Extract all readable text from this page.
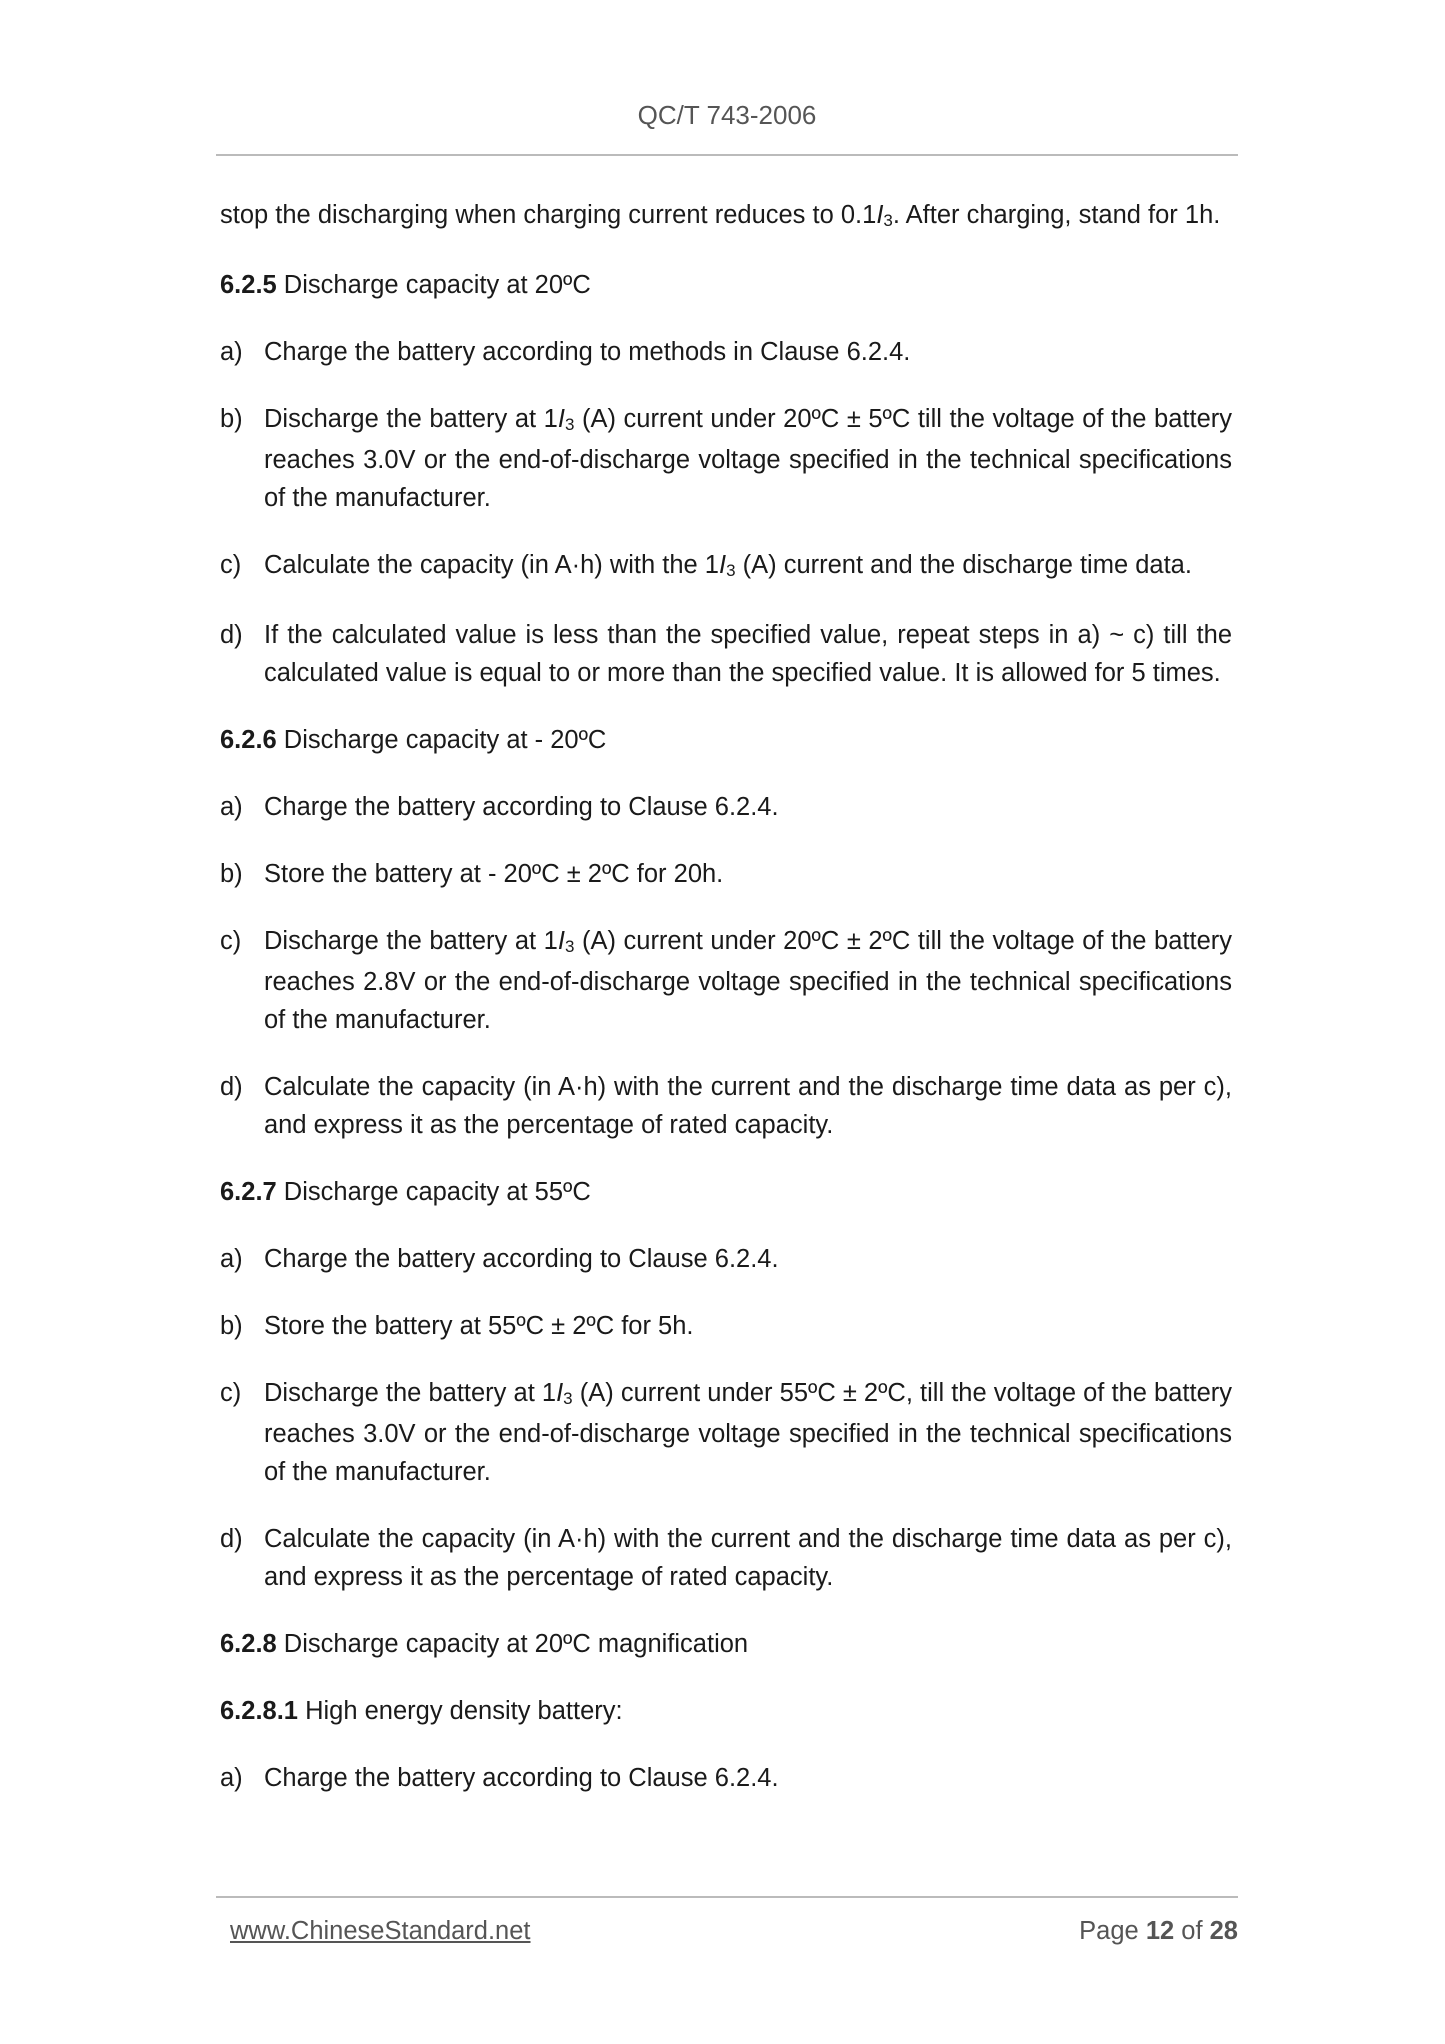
QC/T 743-2006

stop the discharging when charging current reduces to 0.1I3. After charging, stand for 1h.

6.2.5 Discharge capacity at 20ºC

a) Charge the battery according to methods in Clause 6.2.4.
b) Discharge the battery at 1I3 (A) current under 20ºC ± 5ºC till the voltage of the battery reaches 3.0V or the end-of-discharge voltage specified in the technical specifications of the manufacturer.
c) Calculate the capacity (in A·h) with the 1I3 (A) current and the discharge time data.
d) If the calculated value is less than the specified value, repeat steps in a) ~ c) till the calculated value is equal to or more than the specified value. It is allowed for 5 times.

6.2.6 Discharge capacity at - 20ºC

a) Charge the battery according to Clause 6.2.4.
b) Store the battery at - 20ºC ± 2ºC for 20h.
c) Discharge the battery at 1I3 (A) current under 20ºC ± 2ºC till the voltage of the battery reaches 2.8V or the end-of-discharge voltage specified in the technical specifications of the manufacturer.
d) Calculate the capacity (in A·h) with the current and the discharge time data as per c), and express it as the percentage of rated capacity.

6.2.7 Discharge capacity at 55ºC

a) Charge the battery according to Clause 6.2.4.
b) Store the battery at 55ºC ± 2ºC for 5h.
c) Discharge the battery at 1I3 (A) current under 55ºC ± 2ºC, till the voltage of the battery reaches 3.0V or the end-of-discharge voltage specified in the technical specifications of the manufacturer.
d) Calculate the capacity (in A·h) with the current and the discharge time data as per c), and express it as the percentage of rated capacity.

6.2.8 Discharge capacity at 20ºC magnification

6.2.8.1 High energy density battery:

a) Charge the battery according to Clause 6.2.4.
www.ChineseStandard.net	Page 12 of 28
